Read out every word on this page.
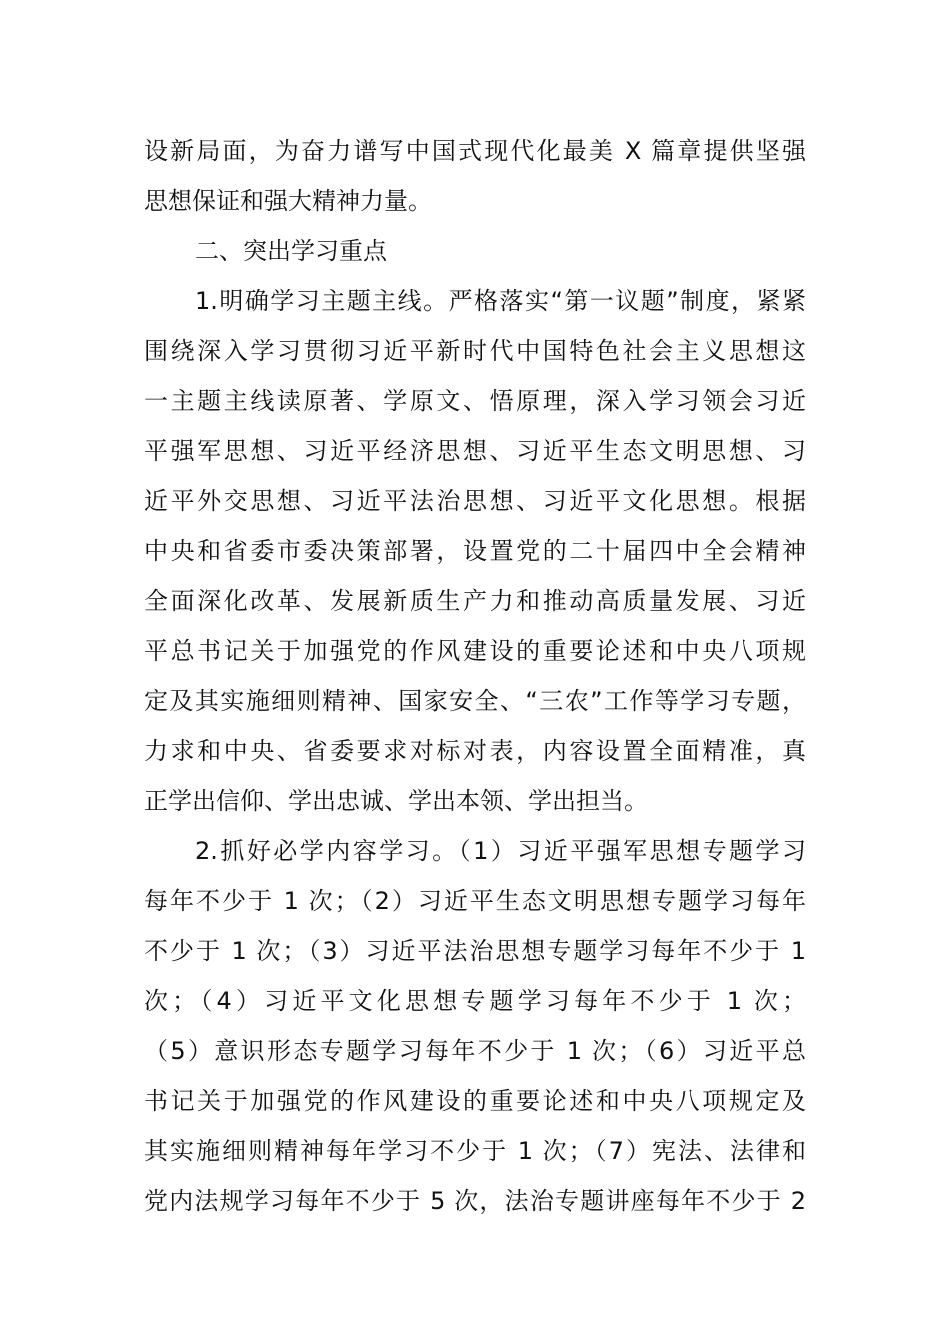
设新局面，为奋力谱写中国式现代化最美 X 篇章提供坚强
思想保证和强大精神力量。
二、突出学习重点
1.明确学习主题主线。严格落实“第一议题”制度，紧紧
围绕深入学习贯彻习近平新时代中国特色社会主义思想这
一主题主线读原著、学原文、悟原理，深入学习领会习近
平强军思想、习近平经济思想、习近平生态文明思想、习
近平外交思想、习近平法治思想、习近平文化思想。根据
中央和省委市委决策部署，设置党的二十届四中全会精神
全面深化改革、发展新质生产力和推动高质量发展、习近
平总书记关于加强党的作风建设的重要论述和中央八项规
定及其实施细则精神、国家安全、“三农”工作等学习专题，
力求和中央、省委要求对标对表，内容设置全面精准，真
正学出信仰、学出忠诚、学出本领、学出担当。
2.抓好必学内容学习。（1）习近平强军思想专题学习
每年不少于 1 次；（2）习近平生态文明思想专题学习每年
不少于 1 次；（3）习近平法治思想专题学习每年不少于 1
次；（4）习近平文化思想专题学习每年不少于 1 次；
（5）意识形态专题学习每年不少于 1 次；（6）习近平总
书记关于加强党的作风建设的重要论述和中央八项规定及
其实施细则精神每年学习不少于 1 次；（7）宪法、法律和
党内法规学习每年不少于 5 次，法治专题讲座每年不少于 2
